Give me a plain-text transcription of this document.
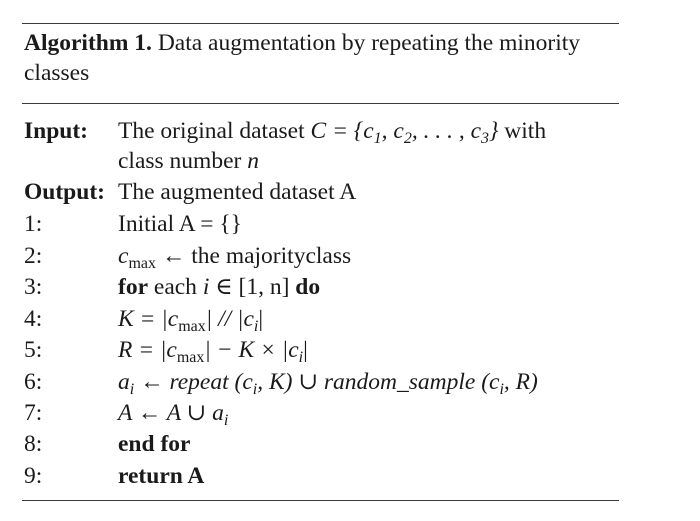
Algorithm 1. Data augmentation by repeating the minority classes
Input: The original dataset $C = \{c_1$, $c_2$, . . . , $c_3$} with
class number n
Output: The augmented dataset A
1:	Initial A = {}
2:	$c_{max}$ ← the majorityclass
3:	for each i ∈ [1, n] do
4:	$K = |c_{max}| // |c_i|$
5:	$R = |c_{max}| - K \times |c_i|$
6:	$a_i$ ← repeat ($c_i$, K) ∪ random_sample ($c_i$, R)
7:	A ← A ∪ $a_i$
8:	end for
9:	return A
